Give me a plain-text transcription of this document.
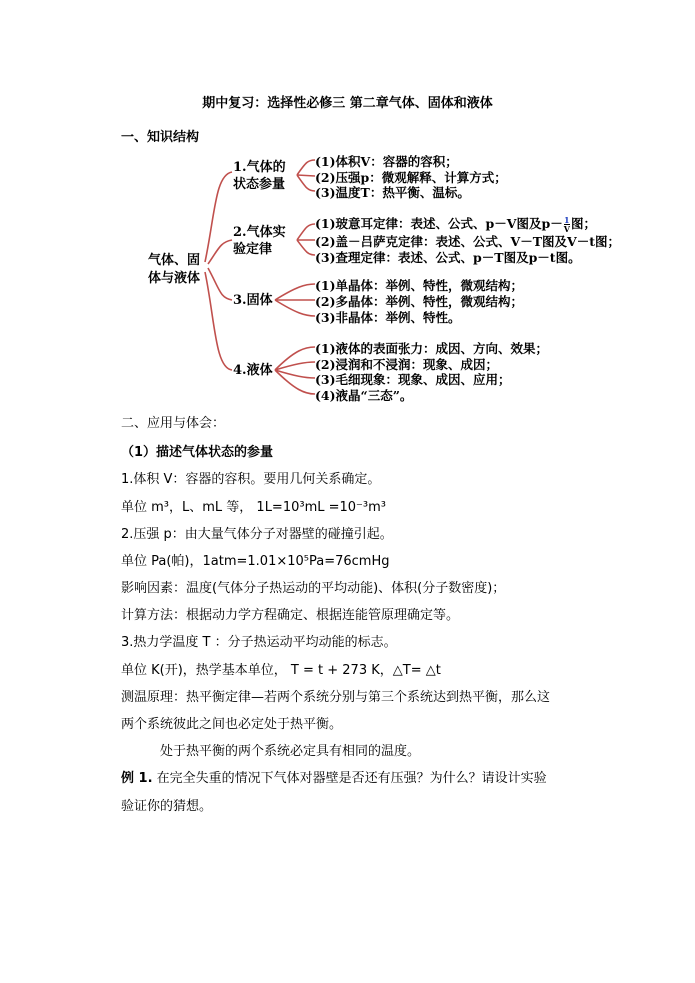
期中复习：选择性必修三 第二章气体、固体和液体
一、知识结构
气体、固
体与液体
1.气体的
状态参量
(1)体积V：容器的容积；
(2)压强p：微观解释、计算方式；
(3)温度T：热平衡、温标。
2.气体实
验定律
(1)玻意耳定律：表述、公式、p－V图及$p- \frac{1}{V}$ 图；
(2)盖－吕萨克定律：表述、公式、V－T图及V－t图；
(3)查理定律：表述、公式、p－T图及p－t图。
3.固体
(1)单晶体：举例、特性，微观结构；
(2)多晶体：举例、特性，微观结构；
(3)非晶体：举例、特性。
4.液体
(1)液体的表面张力：成因、方向、效果；
(2)浸润和不浸润：现象、成因；
(3)毛细现象：现象、成因、应用；
(4)液晶“三态”。
二、应用与体会：
（1）描述气体状态的参量
1.体积 V：容器的容积。要用几何关系确定。
单位 m³，L、mL 等， 1L=10³mL =10⁻³m³
2.压强 p：由大量气体分子对器壁的碰撞引起。
单位 Pa(帕)，1atm=1.01×10⁵Pa=76cmHg
影响因素：温度(气体分子热运动的平均动能)、体积(分子数密度)；
计算方法：根据动力学方程确定、根据连能管原理确定等。
3.热力学温度 T ：分子热运动平均动能的标志。
单位 K(开)，热学基本单位， T = t + 273 K，△T= △t
测温原理：热平衡定律—若两个系统分别与第三个系统达到热平衡，那么这
两个系统彼此之间也必定处于热平衡。
处于热平衡的两个系统必定具有相同的温度。
例 1. 在完全失重的情况下气体对器壁是否还有压强？为什么？请设计实验
验证你的猜想。
